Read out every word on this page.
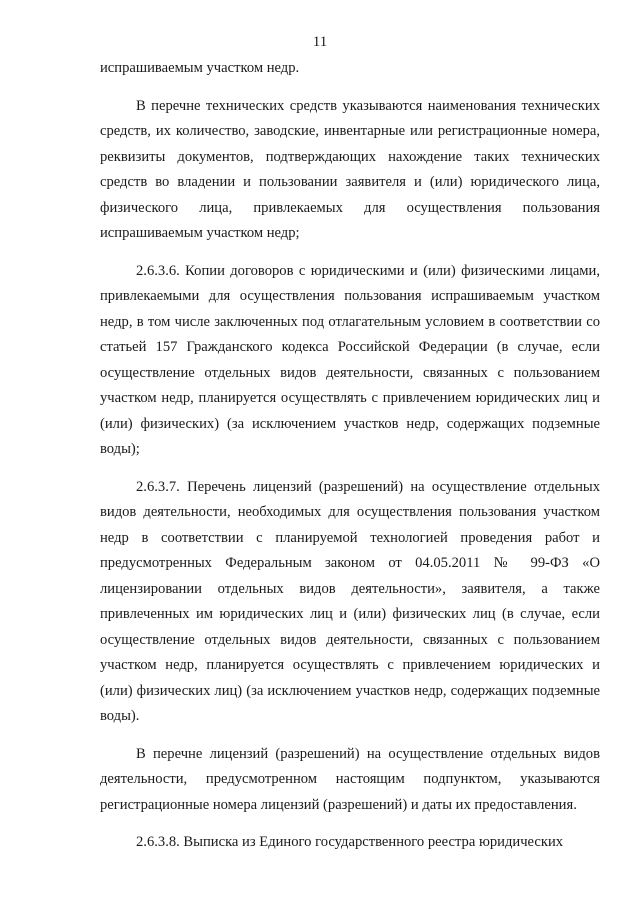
11

испрашиваемым участком недр.

В перечне технических средств указываются наименования технических средств, их количество, заводские, инвентарные или регистрационные номера, реквизиты документов, подтверждающих нахождение таких технических средств во владении и пользовании заявителя и (или) юридического лица, физического лица, привлекаемых для осуществления пользования испрашиваемым участком недр;

2.6.3.6. Копии договоров с юридическими и (или) физическими лицами, привлекаемыми для осуществления пользования испрашиваемым участком недр, в том числе заключенных под отлагательным условием в соответствии со статьей 157 Гражданского кодекса Российской Федерации (в случае, если осуществление отдельных видов деятельности, связанных с пользованием участком недр, планируется осуществлять с привлечением юридических лиц и (или) физических) (за исключением участков недр, содержащих подземные воды);

2.6.3.7. Перечень лицензий (разрешений) на осуществление отдельных видов деятельности, необходимых для осуществления пользования участком недр в соответствии с планируемой технологией проведения работ и предусмотренных Федеральным законом от 04.05.2011 № 99-ФЗ «О лицензировании отдельных видов деятельности», заявителя, а также привлеченных им юридических лиц и (или) физических лиц (в случае, если осуществление отдельных видов деятельности, связанных с пользованием участком недр, планируется осуществлять с привлечением юридических и (или) физических лиц) (за исключением участков недр, содержащих подземные воды).

В перечне лицензий (разрешений) на осуществление отдельных видов деятельности, предусмотренном настоящим подпунктом, указываются регистрационные номера лицензий (разрешений) и даты их предоставления.

2.6.3.8. Выписка из Единого государственного реестра юридических
